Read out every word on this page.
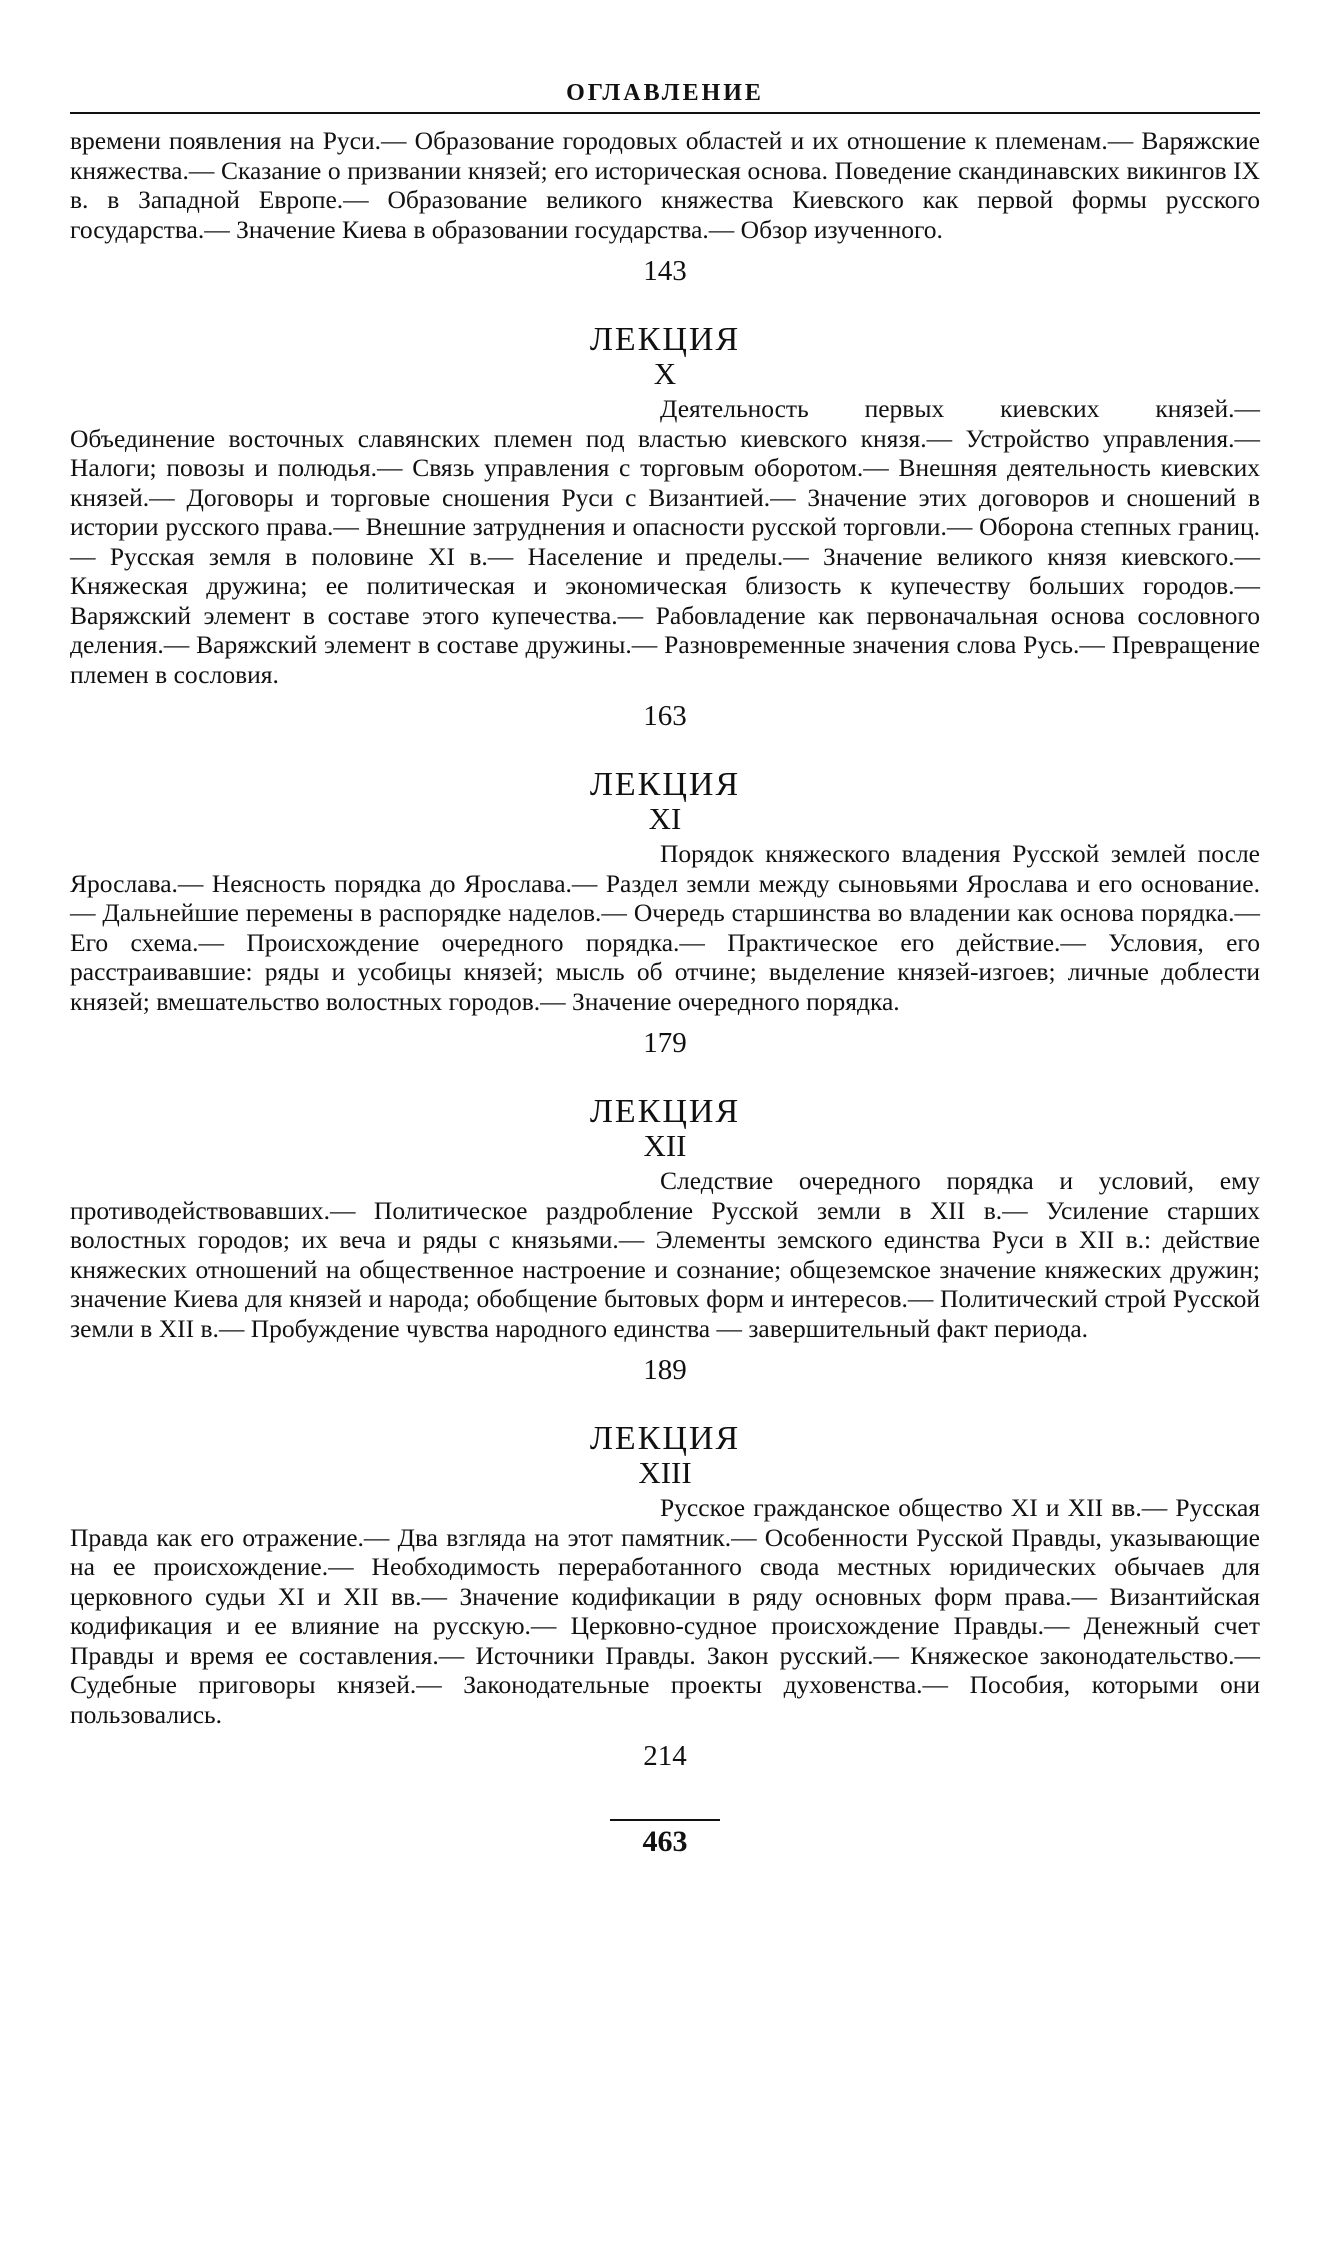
ОГЛАВЛЕНИЕ

времени появления на Руси.— Образование городовых областей и их отношение к племенам.— Варяжские княжества.— Сказание о призвании князей; его историческая основа. Поведение скандинавских викингов IX в. в Западной Европе.— Образование великого княжества Киевского как первой формы русского государства.— Значение Киева в образовании государства.— Обзор изученного.

143
ЛЕКЦИЯ
X

Деятельность первых киевских князей.— Объединение восточных славянских племен под властью киевского князя.— Устройство управления.— Налоги; повозы и полюдья.— Связь управления с торговым оборотом.— Внешняя деятельность киевских князей.— Договоры и торговые сношения Руси с Византией.— Значение этих договоров и сношений в истории русского права.— Внешние затруднения и опасности русской торговли.— Оборона степных границ.— Русская земля в половине XI в.— Население и пределы.— Значение великого князя киевского.— Княжеская дружина; ее политическая и экономическая близость к купечеству больших городов.— Варяжский элемент в составе этого купечества.— Рабовладение как первоначальная основа сословного деления.— Варяжский элемент в составе дружины.— Разновременные значения слова Русь.— Превращение племен в сословия.

163
ЛЕКЦИЯ
XI

Порядок княжеского владения Русской землей после Ярослава.— Неясность порядка до Ярослава.— Раздел земли между сыновьями Ярослава и его основание.— Дальнейшие перемены в распорядке наделов.— Очередь старшинства во владении как основа порядка.— Его схема.— Происхождение очередного порядка.— Практическое его действие.— Условия, его расстраивавшие: ряды и усобицы князей; мысль об отчине; выделение князей-изгоев; личные доблести князей; вмешательство волостных городов.— Значение очередного порядка.

179
ЛЕКЦИЯ
XII

Следствие очередного порядка и условий, ему противодействовавших.— Политическое раздробление Русской земли в XII в.— Усиление старших волостных городов; их веча и ряды с князьями.— Элементы земского единства Руси в XII в.: действие княжеских отношений на общественное настроение и сознание; общеземское значение княжеских дружин; значение Киева для князей и народа; обобщение бытовых форм и интересов.— Политический строй Русской земли в XII в.— Пробуждение чувства народного единства — завершительный факт периода.

189
ЛЕКЦИЯ
XIII

Русское гражданское общество XI и XII вв.— Русская Правда как его отражение.— Два взгляда на этот памятник.— Особенности Русской Правды, указывающие на ее происхождение.— Необходимость переработанного свода местных юридических обычаев для церковного судьи XI и XII вв.— Значение кодификации в ряду основных форм права.— Византийская кодификация и ее влияние на русскую.— Церковно-судное происхождение Правды.— Денежный счет Правды и время ее составления.— Источники Правды. Закон русский.— Княжеское законодательство.— Судебные приговоры князей.— Законодательные проекты духовенства.— Пособия, которыми они пользовались.

214
463
